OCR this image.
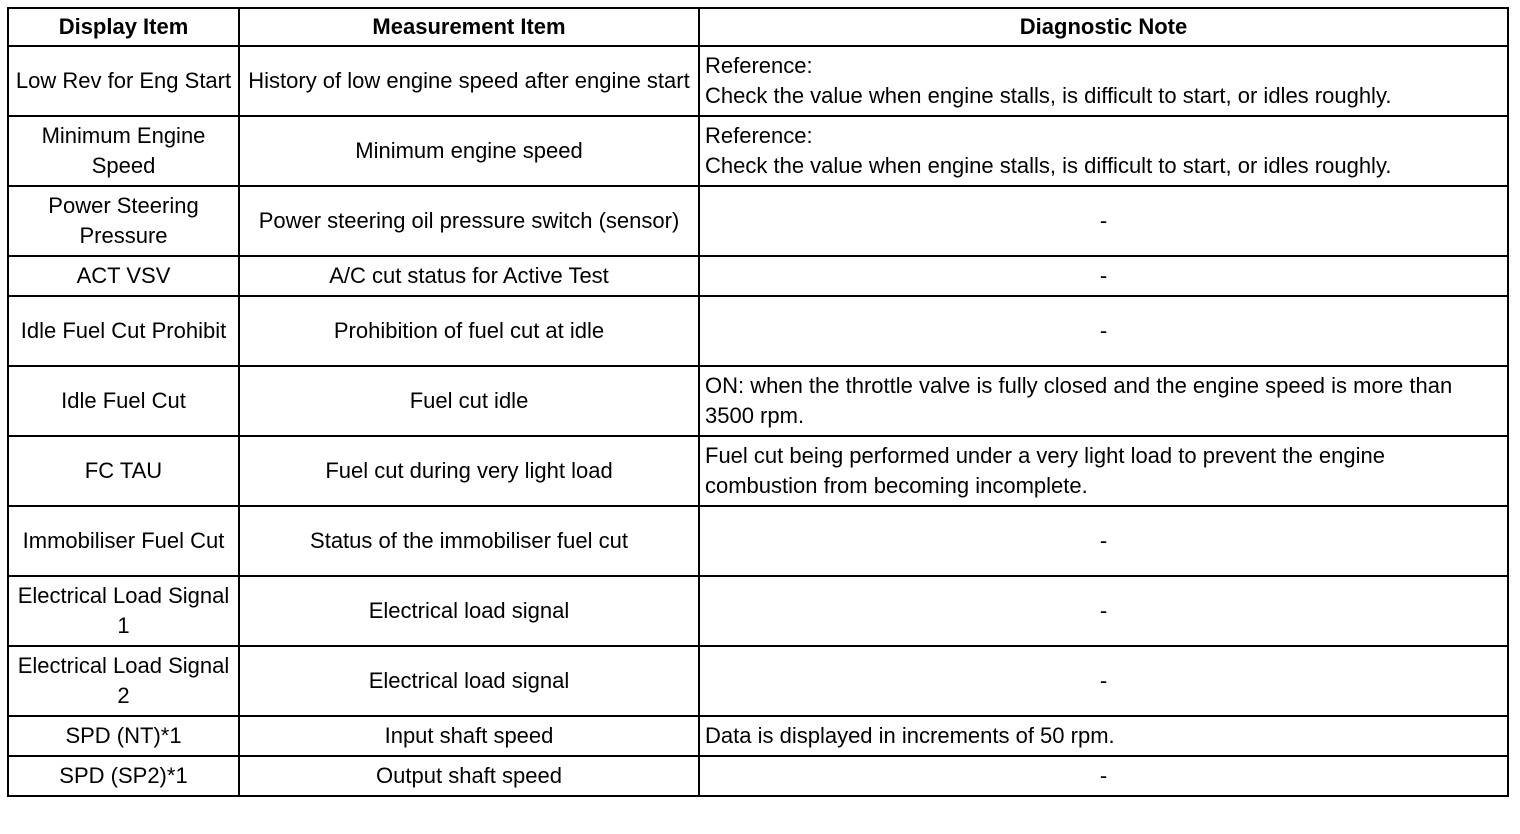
Display Item	Measurement Item	Diagnostic Note
Low Rev for Eng Start	History of low engine speed after engine start	Reference:
Check the value when engine stalls, is difficult to start, or idles roughly.

Minimum Engine Speed	Minimum engine speed	Reference:
Check the value when engine stalls, is difficult to start, or idles roughly.

Power Steering Pressure	Power steering oil pressure switch (sensor)	-

ACT VSV	A/C cut status for Active Test	-

Idle Fuel Cut Prohibit	Prohibition of fuel cut at idle	-

Idle Fuel Cut	Fuel cut idle	ON: when the throttle valve is fully closed and the engine speed is more than 3500 rpm.

FC TAU	Fuel cut during very light load	Fuel cut being performed under a very light load to prevent the engine combustion from becoming incomplete.

Immobiliser Fuel Cut	Status of the immobiliser fuel cut	-

Electrical Load Signal 1	Electrical load signal	-

Electrical Load Signal 2	Electrical load signal	-

SPD (NT)*1	Input shaft speed	Data is displayed in increments of 50 rpm.

SPD (SP2)*1	Output shaft speed	-
